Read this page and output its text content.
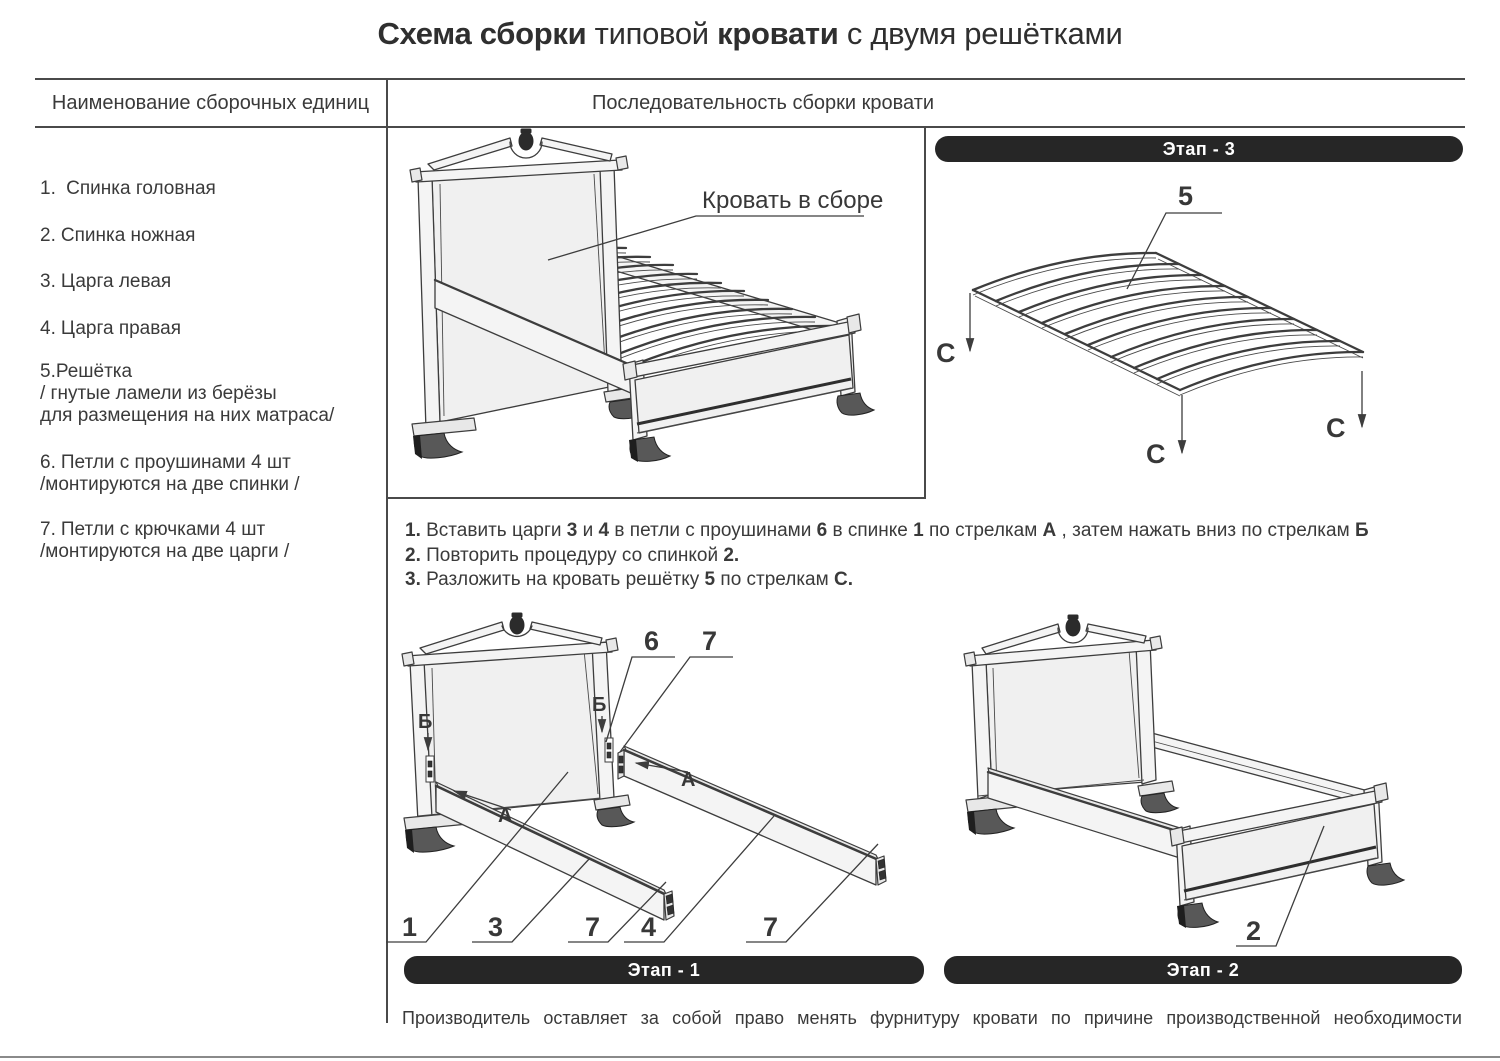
Схема сборки типовой кровати с двумя решётками
Наименование сборочных единиц	Последовательность сборки кровати
1. Спинка головная
2. Спинка ножная
3. Царга левая
4. Царга правая
5.Решётка
/ гнутые ламели из берёзы
для размещения на них матраса/
6. Петли с проушинами 4 шт
/монтируются на две спинки /
7. Петли с крючками 4 шт
/монтируются на две царги /
Кровать в сборе
Этап - 3
5
С
С
С
1. Вставить царги 3 и 4 в петли с проушинами 6 в спинке 1 по стрелкам А , затем нажать вниз по стрелкам Б
2. Повторить процедуру со спинкой 2.
3. Разложить на кровать решётку 5 по стрелкам С.
Б
Б
А
А
6 7
1	3	7 4	7	2
Этап - 1	Этап - 2
Производитель оставляет за собой право менять фурнитуру кровати по причине производственной необходимости
